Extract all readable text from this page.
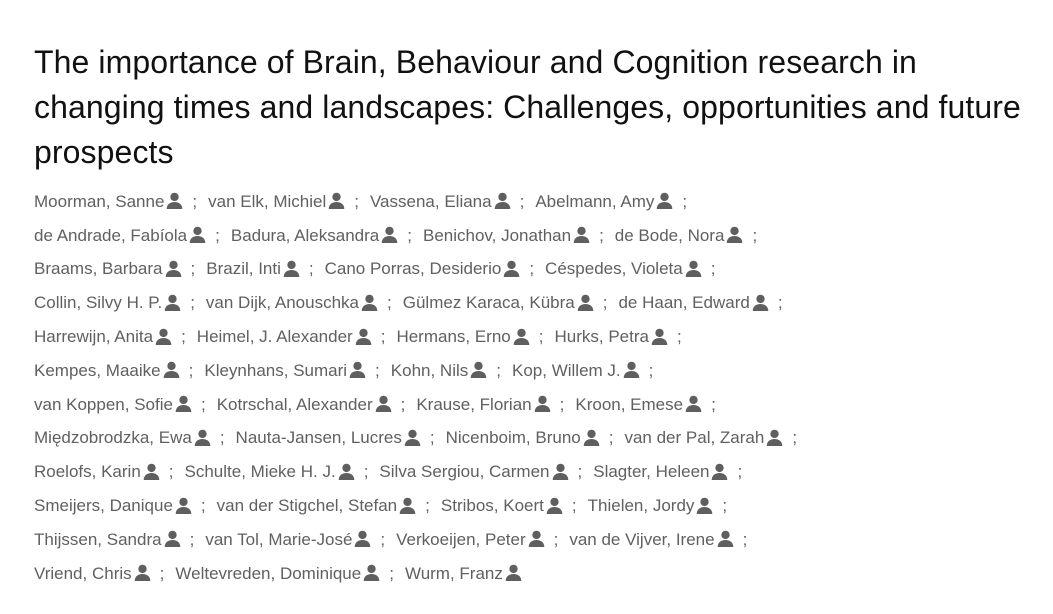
The importance of Brain, Behaviour and Cognition research in changing times and landscapes: Challenges, opportunities and future prospects
Moorman, Sanne ; van Elk, Michiel ; Vassena, Eliana ; Abelmann, Amy ;
de Andrade, Fabíola ; Badura, Aleksandra ; Benichov, Jonathan ; de Bode, Nora ;
Braams, Barbara ; Brazil, Inti ; Cano Porras, Desiderio ; Céspedes, Violeta ;
Collin, Silvy H. P. ; van Dijk, Anouschka ; Gülmez Karaca, Kübra ; de Haan, Edward ;
Harrewijn, Anita ; Heimel, J. Alexander ; Hermans, Erno ; Hurks, Petra ;
Kempes, Maaike ; Kleynhans, Sumari ; Kohn, Nils ; Kop, Willem J. ;
van Koppen, Sofie ; Kotrschal, Alexander ; Krause, Florian ; Kroon, Emese ;
Międzobrodzka, Ewa ; Nauta-Jansen, Lucres ; Nicenboim, Bruno ; van der Pal, Zarah ;
Roelofs, Karin ; Schulte, Mieke H. J. ; Silva Sergiou, Carmen ; Slagter, Heleen ;
Smeijers, Danique ; van der Stigchel, Stefan ; Stribos, Koert ; Thielen, Jordy ;
Thijssen, Sandra ; van Tol, Marie-José ; Verkoeijen, Peter ; van de Vijver, Irene ;
Vriend, Chris ; Weltevreden, Dominique ; Wurm, Franz
